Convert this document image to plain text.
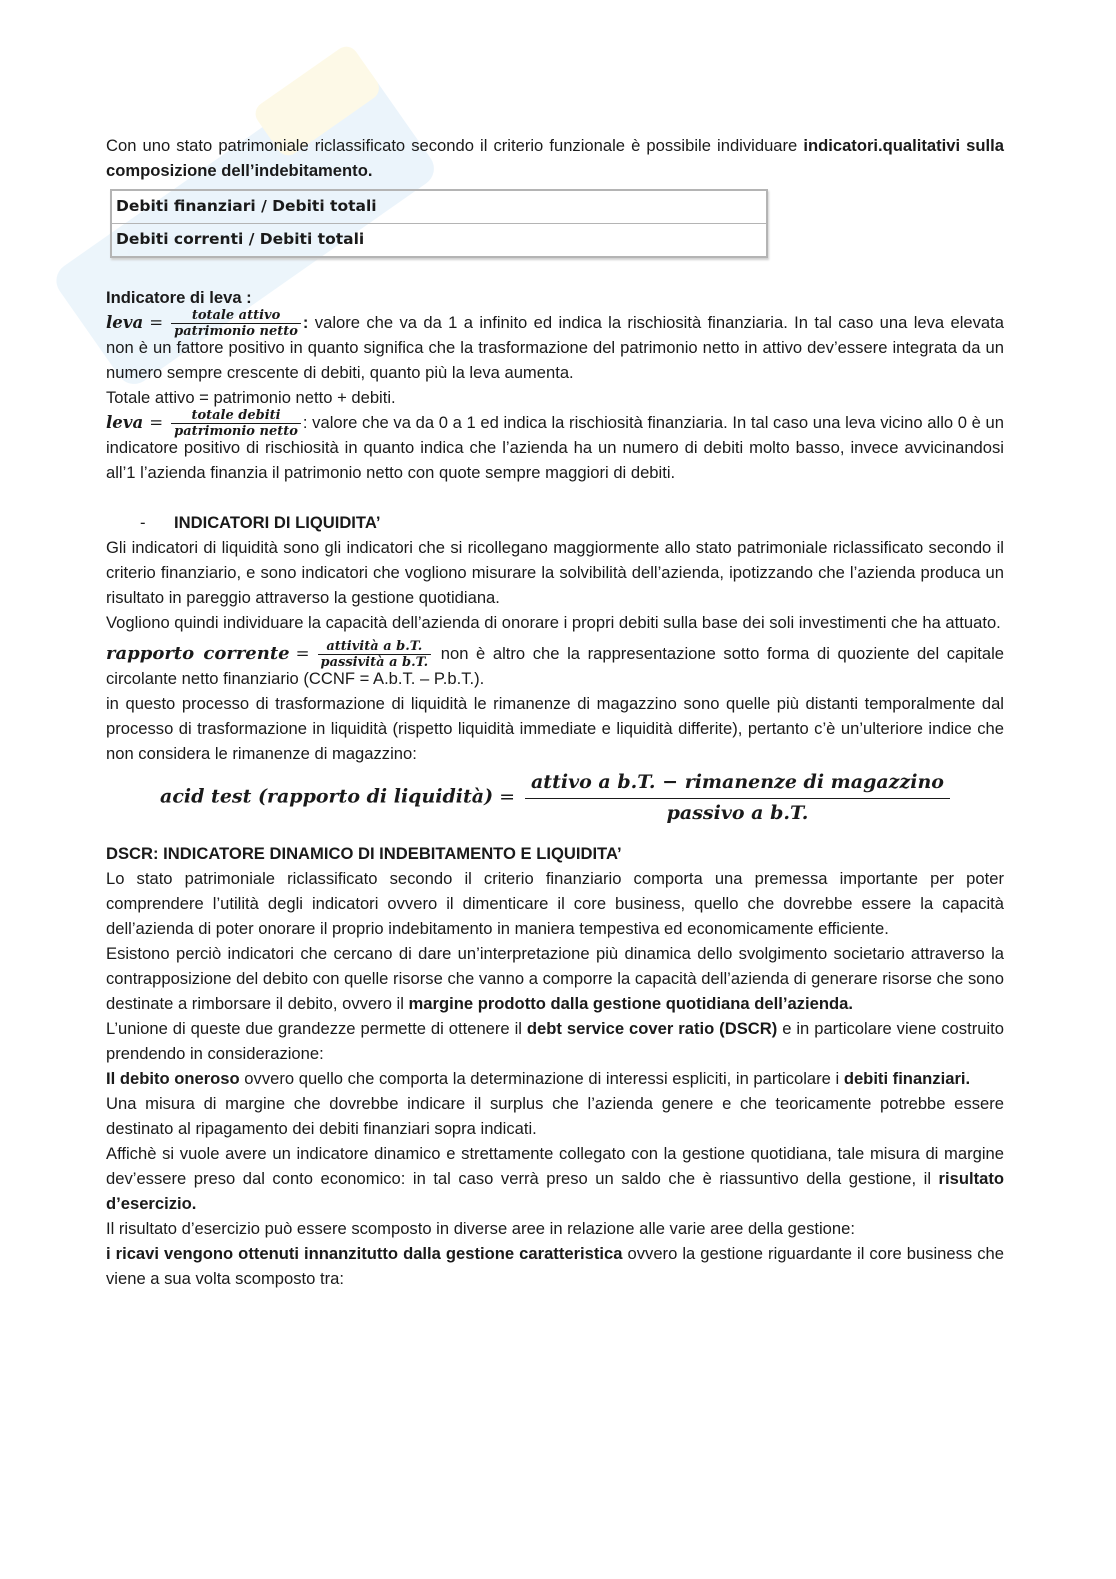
Con uno stato patrimoniale riclassificato secondo il criterio funzionale è possibile individuare indicatori.qualitativi sulla composizione dell’indebitamento.

Debiti finanziari / Debiti totali
Debiti correnti / Debiti totali

Indicatore di leva :

leva = $\frac{\text{totale attivo}}{\text{patrimonio netto}}$ : valore che va da 1 a infinito ed indica la rischiosità finanziaria. In tal caso una leva elevata non è un fattore positivo in quanto significa che la trasformazione del patrimonio netto in attivo dev’essere integrata da un numero sempre crescente di debiti, quanto più la leva aumenta.

Totale attivo = patrimonio netto + debiti.

leva = $\frac{\text{totale debiti}}{\text{patrimonio netto}}$ : valore che va da 0 a 1 ed indica la rischiosità finanziaria. In tal caso una leva vicino allo 0 è un indicatore positivo di rischiosità in quanto indica che l’azienda ha un numero di debiti molto basso, invece avvicinandosi all’1 l’azienda finanzia il patrimonio netto con quote sempre maggiori di debiti.

- INDICATORI DI LIQUIDITA’

Gli indicatori di liquidità sono gli indicatori che si ricollegano maggiormente allo stato patrimoniale riclassificato secondo il criterio finanziario, e sono indicatori che vogliono misurare la solvibilità dell’azienda, ipotizzando che l’azienda produca un risultato in pareggio attraverso la gestione quotidiana.

Vogliono quindi individuare la capacità dell’azienda di onorare i propri debiti sulla base dei soli investimenti che ha attuato.

rapporto corrente = $\frac{\text{attività a b.T.}}{\text{passività a b.T.}}$ non è altro che la rappresentazione sotto forma di quoziente del capitale circolante netto finanziario (CCNF = A.b.T. – P.b.T.).

in questo processo di trasformazione di liquidità le rimanenze di magazzino sono quelle più distanti temporalmente dal processo di trasformazione in liquidità (rispetto liquidità immediate e liquidità differite), pertanto c’è un’ulteriore indice che non considera le rimanenze di magazzino:

acid test (rapporto di liquidità) = $\frac{\text{attivo a b.T. − rimanenze di magazzino}}{\text{passivo a b.T.}}$

DSCR: INDICATORE DINAMICO DI INDEBITAMENTO E LIQUIDITA’

Lo stato patrimoniale riclassificato secondo il criterio finanziario comporta una premessa importante per poter comprendere l’utilità degli indicatori ovvero il dimenticare il core business, quello che dovrebbe essere la capacità dell’azienda di poter onorare il proprio indebitamento in maniera tempestiva ed economicamente efficiente.

Esistono perciò indicatori che cercano di dare un’interpretazione più dinamica dello svolgimento societario attraverso la contrapposizione del debito con quelle risorse che vanno a comporre la capacità dell’azienda di generare risorse che sono destinate a rimborsare il debito, ovvero il margine prodotto dalla gestione quotidiana dell’azienda.

L’unione di queste due grandezze permette di ottenere il debt service cover ratio (DSCR) e in particolare viene costruito prendendo in considerazione:

Il debito oneroso ovvero quello che comporta la determinazione di interessi espliciti, in particolare i debiti finanziari.

Una misura di margine che dovrebbe indicare il surplus che l’azienda genere e che teoricamente potrebbe essere destinato al ripagamento dei debiti finanziari sopra indicati.

Affichè si vuole avere un indicatore dinamico e strettamente collegato con la gestione quotidiana, tale misura di margine dev’essere preso dal conto economico: in tal caso verrà preso un saldo che è riassuntivo della gestione, il risultato d’esercizio.

Il risultato d’esercizio può essere scomposto in diverse aree in relazione alle varie aree della gestione:

i ricavi vengono ottenuti innanzitutto dalla gestione caratteristica ovvero la gestione riguardante il core business che viene a sua volta scomposto tra:
